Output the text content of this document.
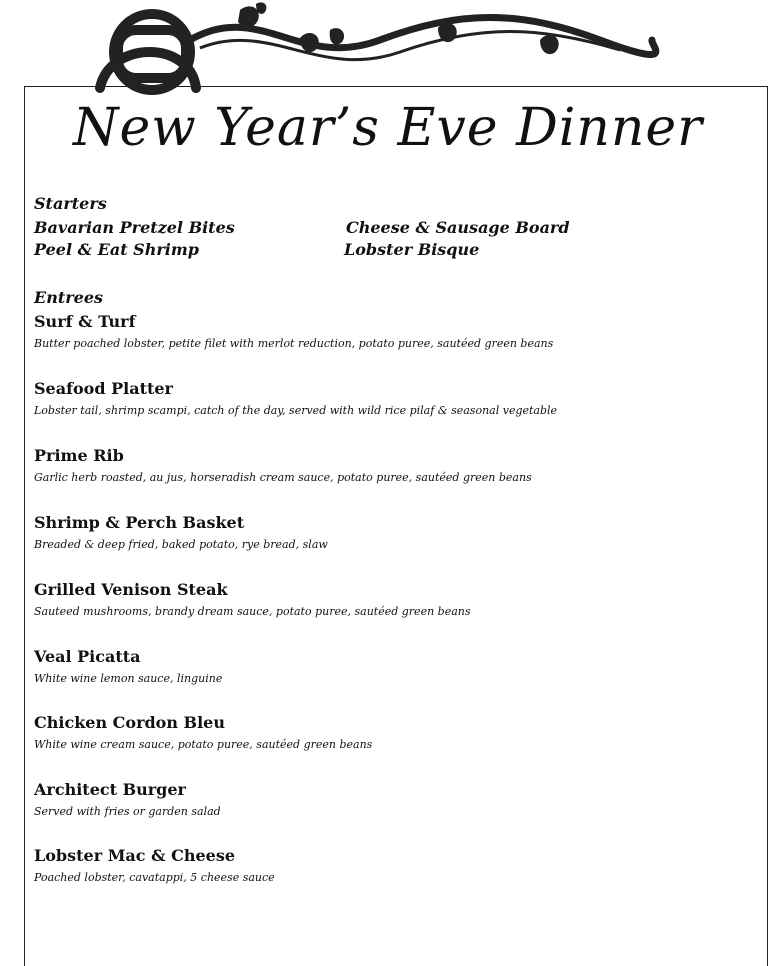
New Year’s Eve Dinner
Starters
Bavarian Pretzel Bites	Cheese & Sausage Board
Peel & Eat Shrimp	Lobster Bisque
Entrees
Surf & Turf
Butter poached lobster, petite filet with merlot reduction, potato puree, sautéed green beans
Seafood Platter
Lobster tail, shrimp scampi, catch of the day, served with wild rice pilaf & seasonal vegetable
Prime Rib
Garlic herb roasted, au jus, horseradish cream sauce, potato puree, sautéed green beans
Shrimp & Perch Basket
Breaded & deep fried, baked potato, rye bread, slaw
Grilled Venison Steak
Sauteed mushrooms, brandy dream sauce, potato puree, sautéed green beans
Veal Picatta
White wine lemon sauce, linguine
Chicken Cordon Bleu
White wine cream sauce, potato puree, sautéed green beans
Architect Burger
Served with fries or garden salad
Lobster Mac & Cheese
Poached lobster, cavatappi, 5 cheese sauce
